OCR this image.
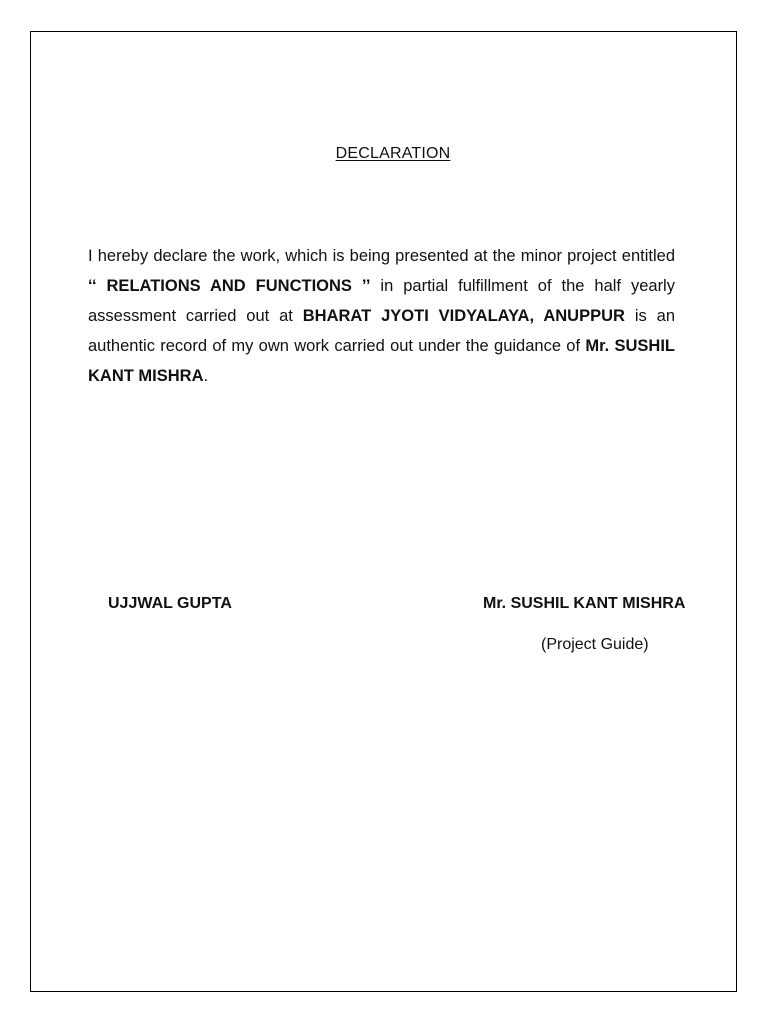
DECLARATION
I hereby declare the work, which is being presented at the minor project entitled ‘‘ RELATIONS AND FUNCTIONS ’’ in partial fulfillment of the half yearly assessment carried out at BHARAT JYOTI VIDYALAYA, ANUPPUR is an authentic record of my own work carried out under the guidance of Mr. SUSHIL KANT MISHRA.
UJJWAL GUPTA	Mr. SUSHIL KANT MISHRA
(Project Guide)
